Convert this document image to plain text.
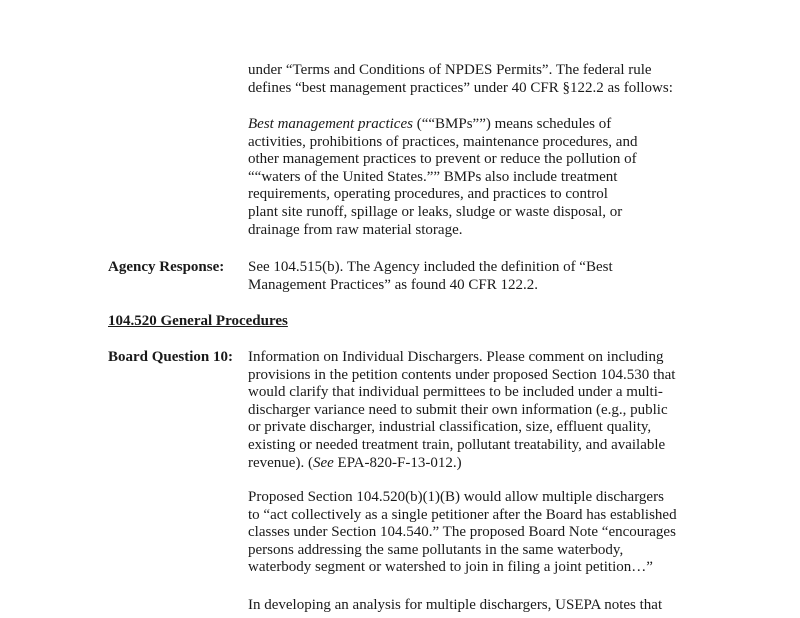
under “Terms and Conditions of NPDES Permits”. The federal rule
defines “best management practices” under 40 CFR §122.2 as follows:
Best management practices (““BMPs””) means schedules of
activities, prohibitions of practices, maintenance procedures, and
other management practices to prevent or reduce the pollution of
““waters of the United States.”” BMPs also include treatment
requirements, operating procedures, and practices to control
plant site runoff, spillage or leaks, sludge or waste disposal, or
drainage from raw material storage.
Agency Response: See 104.515(b). The Agency included the definition of “Best
Management Practices” as found 40 CFR 122.2.
104.520 General Procedures
Board Question 10: Information on Individual Dischargers. Please comment on including
provisions in the petition contents under proposed Section 104.530 that
would clarify that individual permittees to be included under a multi-
discharger variance need to submit their own information (e.g., public
or private discharger, industrial classification, size, effluent quality,
existing or needed treatment train, pollutant treatability, and available
revenue). (See EPA-820-F-13-012.)
Proposed Section 104.520(b)(1)(B) would allow multiple dischargers
to “act collectively as a single petitioner after the Board has established
classes under Section 104.540.” The proposed Board Note “encourages
persons addressing the same pollutants in the same waterbody,
waterbody segment or watershed to join in filing a joint petition…”
In developing an analysis for multiple dischargers, USEPA notes that
